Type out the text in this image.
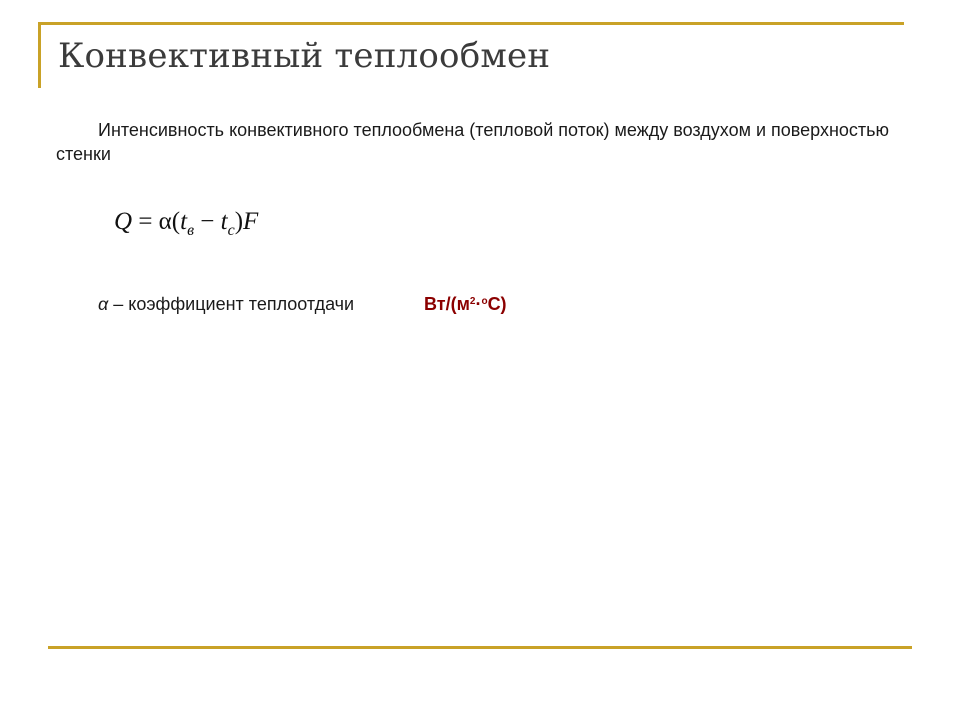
Конвективный теплообмен
Интенсивность конвективного теплообмена (тепловой поток) между воздухом и поверхностью стенки
$Q = \alpha(t_в - t_c)F$
α – коэффициент теплоотдачи	$Вт/(м^2\cdot^оС)$
